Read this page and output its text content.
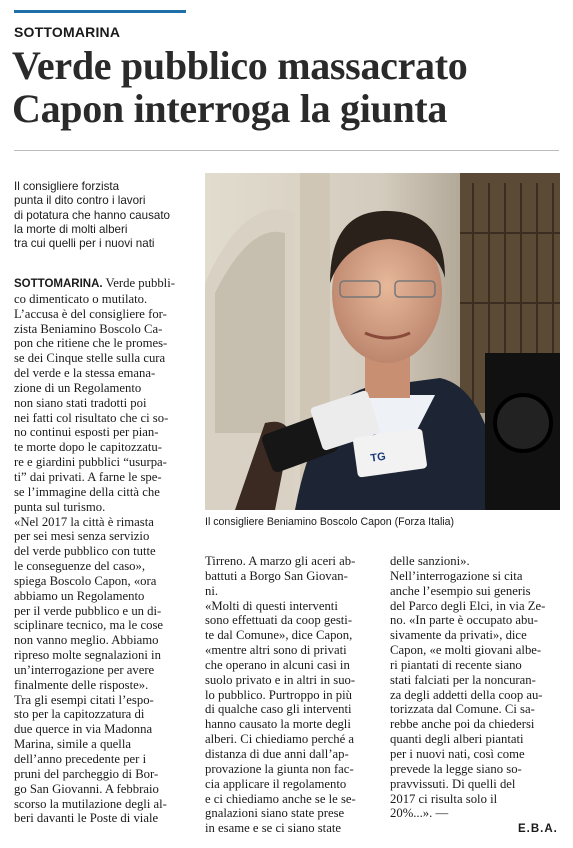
SOTTOMARINA
Verde pubblico massacrato
Capon interroga la giunta
Il consigliere forzista
punta il dito contro i lavori
di potatura che hanno causato
la morte di molti alberi
tra cui quelli per i nuovi nati
TG
Il consigliere Beniamino Boscolo Capon (Forza Italia)
SOTTOMARINA. Verde pubbli-
co dimenticato o mutilato.
L’accusa è del consigliere for-
zista Beniamino Boscolo Ca-
pon che ritiene che le promes-
se dei Cinque stelle sulla cura
del verde e la stessa emana-
zione di un Regolamento
non siano stati tradotti poi
nei fatti col risultato che ci so-
no continui esposti per pian-
te morte dopo le capitozzatu-
re e giardini pubblici “usurpa-
ti” dai privati. A farne le spe-
se l’immagine della città che
punta sul turismo.
«Nel 2017 la città è rimasta
per sei mesi senza servizio
del verde pubblico con tutte
le conseguenze del caso»,
spiega Boscolo Capon, «ora
abbiamo un Regolamento
per il verde pubblico e un di-
sciplinare tecnico, ma le cose
non vanno meglio. Abbiamo
ripreso molte segnalazioni in
un’interrogazione per avere
finalmente delle risposte».
Tra gli esempi citati l’espo-
sto per la capitozzatura di
due querce in via Madonna
Marina, simile a quella
dell’anno precedente per i
pruni del parcheggio di Bor-
go San Giovanni. A febbraio
scorso la mutilazione degli al-
beri davanti le Poste di viale
Tirreno. A marzo gli aceri ab-
battuti a Borgo San Giovan-
ni.
«Molti di questi interventi
sono effettuati da coop gesti-
te dal Comune», dice Capon,
«mentre altri sono di privati
che operano in alcuni casi in
suolo privato e in altri in suo-
lo pubblico. Purtroppo in più
di qualche caso gli interventi
hanno causato la morte degli
alberi. Ci chiediamo perché a
distanza di due anni dall’ap-
provazione la giunta non fac-
cia applicare il regolamento
e ci chiediamo anche se le se-
gnalazioni siano state prese
in esame e se ci siano state
delle sanzioni».
Nell’interrogazione si cita
anche l’esempio sui generis
del Parco degli Elci, in via Ze-
no. «In parte è occupato abu-
sivamente da privati», dice
Capon, «e molti giovani albe-
ri piantati di recente siano
stati falciati per la noncuran-
za degli addetti della coop au-
torizzata dal Comune. Ci sa-
rebbe anche poi da chiedersi
quanti degli alberi piantati
per i nuovi nati, così come
prevede la legge siano so-
pravvissuti. Di quelli del
2017 ci risulta solo il
20%...». —
E.B.A.
